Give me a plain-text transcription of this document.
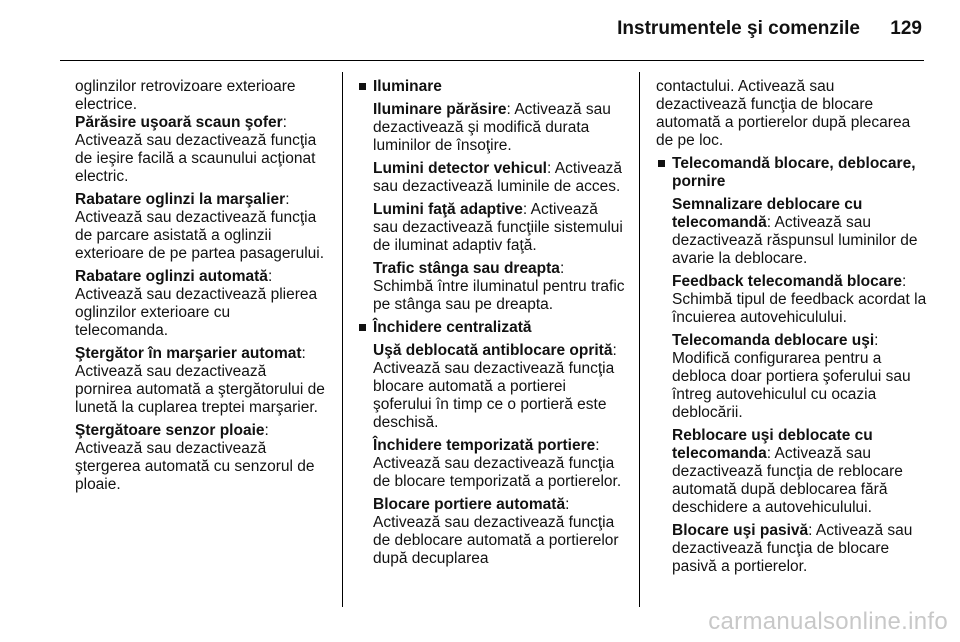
Instrumentele şi comenzile 129

oglinzilor retrovizoare exterioare electrice.

Părăsire uşoară scaun şofer:
Activează sau dezactivează funcţia de ieşire facilă a scaunului acţionat electric.

Rabatare oglinzi la marşalier:
Activează sau dezactivează funcţia de parcare asistată a oglinzii exterioare de pe partea pasagerului.

Rabatare oglinzi automată:
Activează sau dezactivează plierea oglinzilor exterioare cu telecomanda.

Ştergător în marşarier automat:
Activează sau dezactivează pornirea automată a ştergătorului de lunetă la cuplarea treptei marşarier.

Ştergătoare senzor ploaie:
Activează sau dezactivează ştergerea automată cu senzorul de ploaie.

Iluminare

Iluminare părăsire: Activează sau dezactivează şi modifică durata luminilor de însoţire.

Lumini detector vehicul: Activează sau dezactivează luminile de acces.

Lumini faţă adaptive: Activează sau dezactivează funcţiile sistemului de iluminat adaptiv faţă.

Trafic stânga sau dreapta: Schimbă între iluminatul pentru trafic pe stânga sau pe dreapta.

Închidere centralizată

Uşă deblocată antiblocare oprită:
Activează sau dezactivează funcţia blocare automată a portierei şoferului în timp ce o portieră este deschisă.

Închidere temporizată portiere:
Activează sau dezactivează funcţia de blocare temporizată a portierelor.

Blocare portiere automată:
Activează sau dezactivează funcţia de deblocare automată a portierelor după decuplarea

contactului. Activează sau dezactivează funcţia de blocare automată a portierelor după plecarea de pe loc.

Telecomandă blocare, deblocare, pornire

Semnalizare deblocare cu telecomandă: Activează sau dezactivează răspunsul luminilor de avarie la deblocare.

Feedback telecomandă blocare:
Schimbă tipul de feedback acordat la încuierea autovehiculului.

Telecomanda deblocare uşi:
Modifică configurarea pentru a debloca doar portiera şoferului sau întreg autovehiculul cu ocazia deblocării.

Reblocare uşi deblocate cu telecomanda: Activează sau dezactivează funcţia de reblocare automată după deblocarea fără deschidere a autovehiculului.

Blocare uşi pasivă: Activează sau dezactivează funcţia de blocare pasivă a portierelor.

carmanualsonline.info
